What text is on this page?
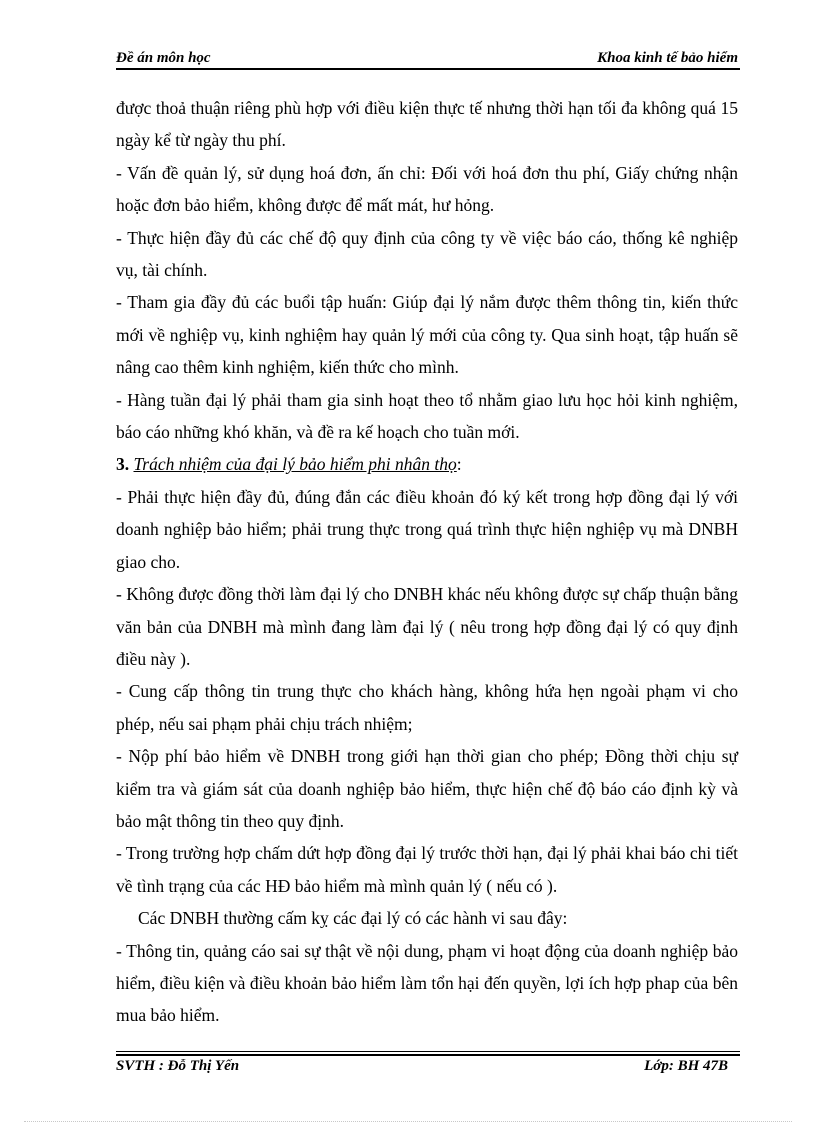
Đề án môn học	Khoa kinh tế bảo hiểm

được thoả thuận riêng phù hợp với điều kiện thực tế nhưng thời hạn tối đa không quá 15 ngày kể từ ngày thu phí.

- Vấn đề quản lý, sử dụng hoá đơn, ấn chỉ: Đối với hoá đơn thu phí, Giấy chứng nhận hoặc đơn bảo hiểm, không được để mất mát, hư hỏng.

- Thực hiện đầy đủ các chế độ quy định của công ty về việc báo cáo, thống kê nghiệp vụ, tài chính.

- Tham gia đầy đủ các buổi tập huấn: Giúp đại lý nắm được thêm thông tin, kiến thức mới về nghiệp vụ, kinh nghiệm hay quản lý mới của công ty. Qua sinh hoạt, tập huấn sẽ nâng cao thêm kinh nghiệm, kiến thức cho mình.

- Hàng tuần đại lý phải tham gia sinh hoạt theo tổ nhằm giao lưu học hỏi kinh nghiệm, báo cáo những khó khăn, và đề ra kế hoạch cho tuần mới.

3. Trách nhiệm của đại lý bảo hiểm phi nhân thọ:

- Phải thực hiện đầy đủ, đúng đắn các điều khoản đó ký kết trong hợp đồng đại lý với doanh nghiệp bảo hiểm; phải trung thực trong quá trình thực hiện nghiệp vụ mà DNBH giao cho.

- Không được đồng thời làm đại lý cho DNBH khác nếu không được sự chấp thuận bằng văn bản của DNBH mà mình đang làm đại lý ( nêu trong hợp đồng đại lý có quy định điều này ).

- Cung cấp thông tin trung thực cho khách hàng, không hứa hẹn ngoài phạm vi cho phép, nếu sai phạm phải chịu trách nhiệm;

- Nộp phí bảo hiểm về DNBH trong giới hạn thời gian cho phép; Đồng thời chịu sự kiểm tra và giám sát của doanh nghiệp bảo hiểm, thực hiện chế độ báo cáo định kỳ và bảo mật thông tin theo quy định.

- Trong trường hợp chấm dứt hợp đồng đại lý trước thời hạn, đại lý phải khai báo chi tiết về tình trạng của các HĐ bảo hiểm mà mình quản lý ( nếu có ).

Các DNBH thường cấm kỵ các đại lý có các hành vi sau đây:

- Thông tin, quảng cáo sai sự thật về nội dung, phạm vi hoạt động của doanh nghiệp bảo hiểm, điều kiện và điều khoản bảo hiểm làm tổn hại đến quyền, lợi ích hợp phap của bên mua bảo hiểm.

SVTH : Đỗ Thị Yến	Lớp: BH 47B
